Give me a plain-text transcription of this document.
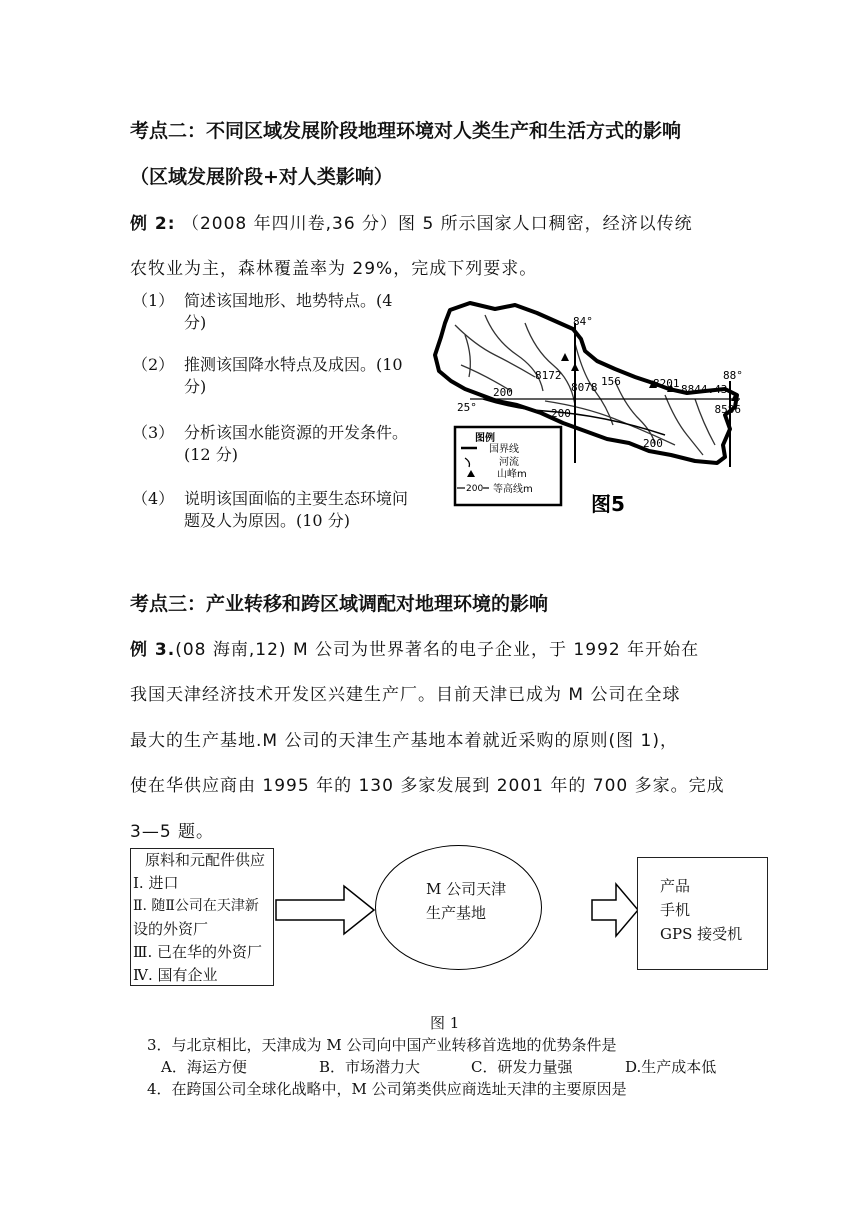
考点二：不同区域发展阶段地理环境对人类生产和生活方式的影响
（区域发展阶段+对人类影响）
例 2: （2008 年四川卷,36 分）图 5 所示国家人口稠密，经济以传统
农牧业为主，森林覆盖率为 29%，完成下列要求。
（1） 简述该国地形、地势特点。(4 分)
（2） 推测该国降水特点及成因。(10 分)
（3） 分析该国水能资源的开发条件。(12 分)
（4） 说明该国面临的主要生态环境问题及人为原因。(10 分)
84°
88°
25°
8172
8078 156	8201 8844.43
8586
200
200
200
图例
国界线
河流
山峰m
200 等高线m
图5
考点三：产业转移和跨区域调配对地理环境的影响
例 3.(08 海南,12) M 公司为世界著名的电子企业，于 1992 年开始在
我国天津经济技术开发区兴建生产厂。目前天津已成为 M 公司在全球
最大的生产基地.M 公司的天津生产基地本着就近采购的原则(图 1)，
使在华供应商由 1995 年的 130 多家发展到 2001 年的 700 多家。完成
3—5 题。
原料和元配件供应
Ⅰ. 进口
Ⅱ. 随Ⅱ公司在天津新
设的外资厂
Ⅲ. 已在华的外资厂
Ⅳ. 国有企业
M 公司天津
生产基地
产品
手机
GPS 接受机
图 1
3．与北京相比，天津成为 M 公司向中国产业转移首选地的优势条件是
A．海运方便	B．市场潜力大	C．研发力量强	D.生产成本低
4．在跨国公司全球化战略中，M 公司第类供应商选址天津的主要原因是
